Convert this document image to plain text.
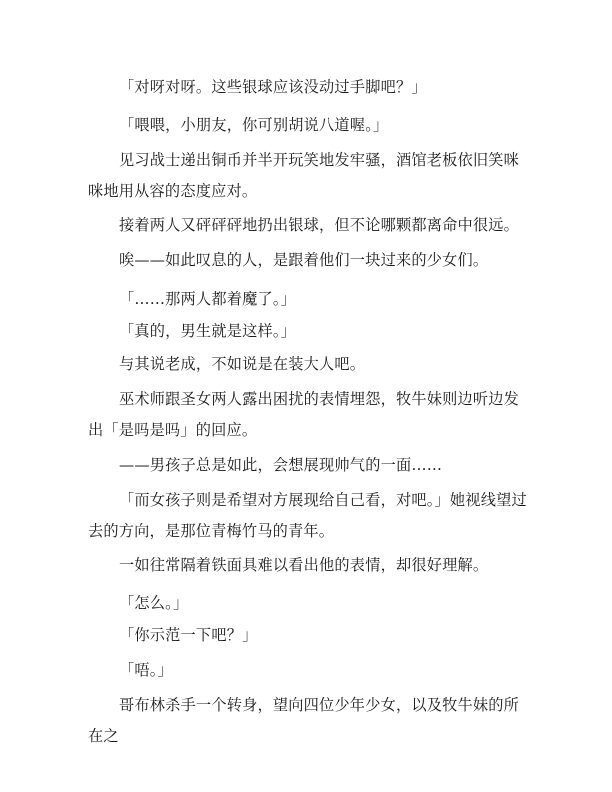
「对呀对呀。这些银球应该没动过手脚吧？」

「喂喂，小朋友，你可别胡说八道喔。」

见习战士递出铜币并半开玩笑地发牢骚，酒馆老板依旧笑咪咪地用从容的态度应对。

接着两人又砰砰砰地扔出银球，但不论哪颗都离命中很远。

唉——如此叹息的人，是跟着他们一块过来的少女们。

「……那两人都着魔了。」

「真的，男生就是这样。」

与其说老成，不如说是在装大人吧。

巫术师跟圣女两人露出困扰的表情埋怨，牧牛妹则边听边发出「是吗是吗」的回应。

——男孩子总是如此，会想展现帅气的一面……

「而女孩子则是希望对方展现给自己看，对吧。」她视线望过去的方向，是那位青梅竹马的青年。

一如往常隔着铁面具难以看出他的表情，却很好理解。

「怎么。」

「你示范一下吧？」

「唔。」

哥布林杀手一个转身，望向四位少年少女，以及牧牛妹的所在之
